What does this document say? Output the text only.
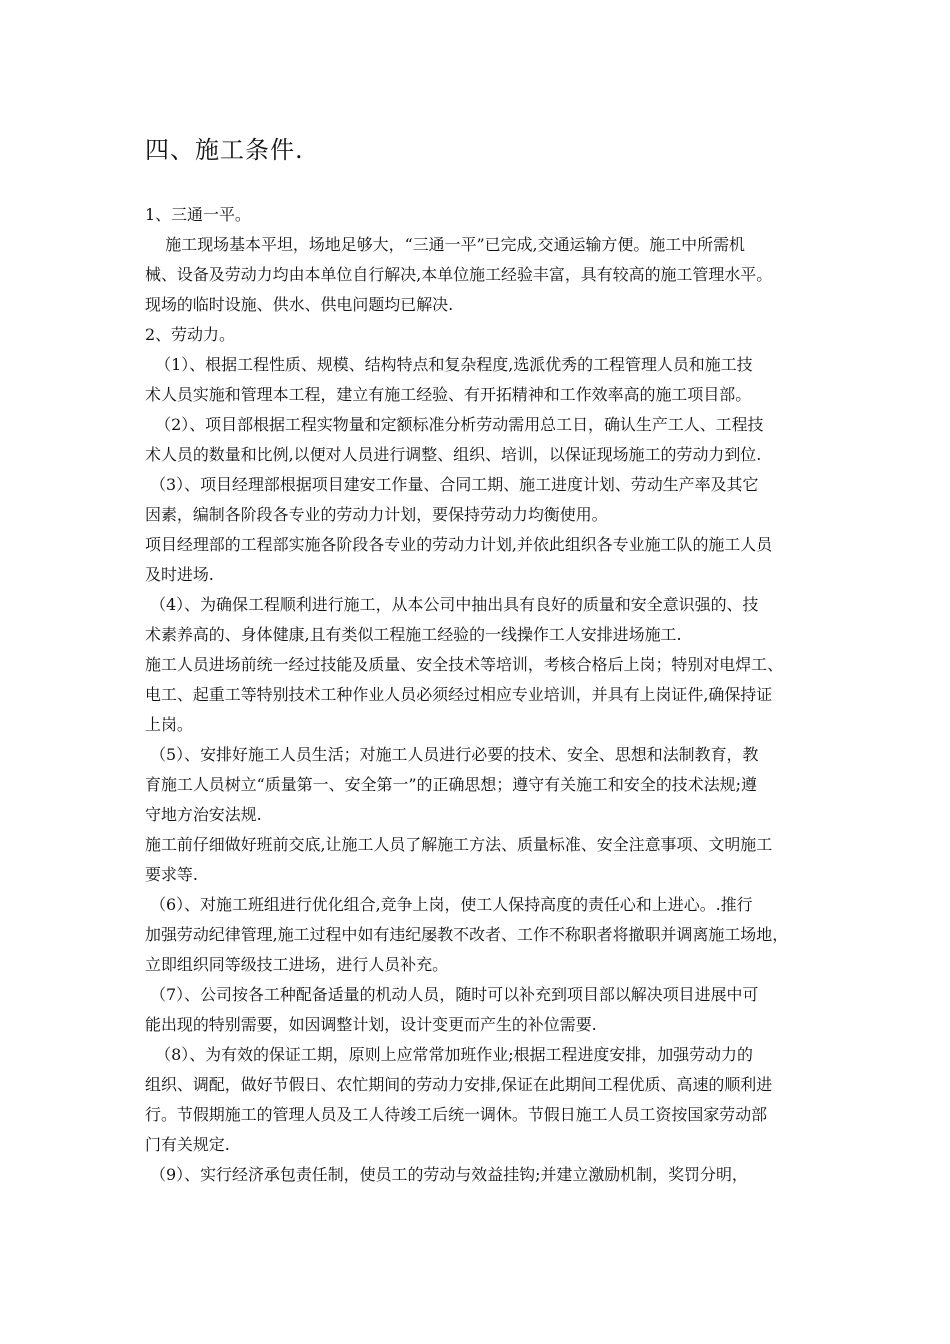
四、施工条件.
1、三通一平。
施工现场基本平坦，场地足够大，“三通一平”已完成,交通运输方便。施工中所需机
械、设备及劳动力均由本单位自行解决,本单位施工经验丰富，具有较高的施工管理水平。
现场的临时设施、供水、供电问题均已解决.
2、劳动力。
（1）、根据工程性质、规模、结构特点和复杂程度,选派优秀的工程管理人员和施工技
术人员实施和管理本工程，建立有施工经验、有开拓精神和工作效率高的施工项目部。
（2）、项目部根据工程实物量和定额标准分析劳动需用总工日，确认生产工人、工程技
术人员的数量和比例,以便对人员进行调整、组织、培训，以保证现场施工的劳动力到位.
（3）、项目经理部根据项目建安工作量、合同工期、施工进度计划、劳动生产率及其它
因素，编制各阶段各专业的劳动力计划，要保持劳动力均衡使用。
项目经理部的工程部实施各阶段各专业的劳动力计划,并依此组织各专业施工队的施工人员
及时进场.
（4）、为确保工程顺利进行施工，从本公司中抽出具有良好的质量和安全意识强的、技
术素养高的、身体健康,且有类似工程施工经验的一线操作工人安排进场施工.
施工人员进场前统一经过技能及质量、安全技术等培训，考核合格后上岗；特别对电焊工、
电工、起重工等特别技术工种作业人员必须经过相应专业培训，并具有上岗证件,确保持证
上岗。
（5）、安排好施工人员生活；对施工人员进行必要的技术、安全、思想和法制教育，教
育施工人员树立“质量第一、安全第一”的正确思想；遵守有关施工和安全的技术法规;遵
守地方治安法规.
施工前仔细做好班前交底,让施工人员了解施工方法、质量标准、安全注意事项、文明施工
要求等.
（6）、对施工班组进行优化组合,竞争上岗，使工人保持高度的责任心和上进心。.推行
加强劳动纪律管理,施工过程中如有违纪屡教不改者、工作不称职者将撤职并调离施工场地，
立即组织同等级技工进场，进行人员补充。
（7）、公司按各工种配备适量的机动人员，随时可以补充到项目部以解决项目进展中可
能出现的特别需要，如因调整计划，设计变更而产生的补位需要.
（8）、为有效的保证工期，原则上应常常加班作业;根据工程进度安排，加强劳动力的
组织、调配，做好节假日、农忙期间的劳动力安排,保证在此期间工程优质、高速的顺利进
行。节假期施工的管理人员及工人待竣工后统一调休。节假日施工人员工资按国家劳动部
门有关规定.
（9）、实行经济承包责任制，使员工的劳动与效益挂钩;并建立激励机制，奖罚分明，
